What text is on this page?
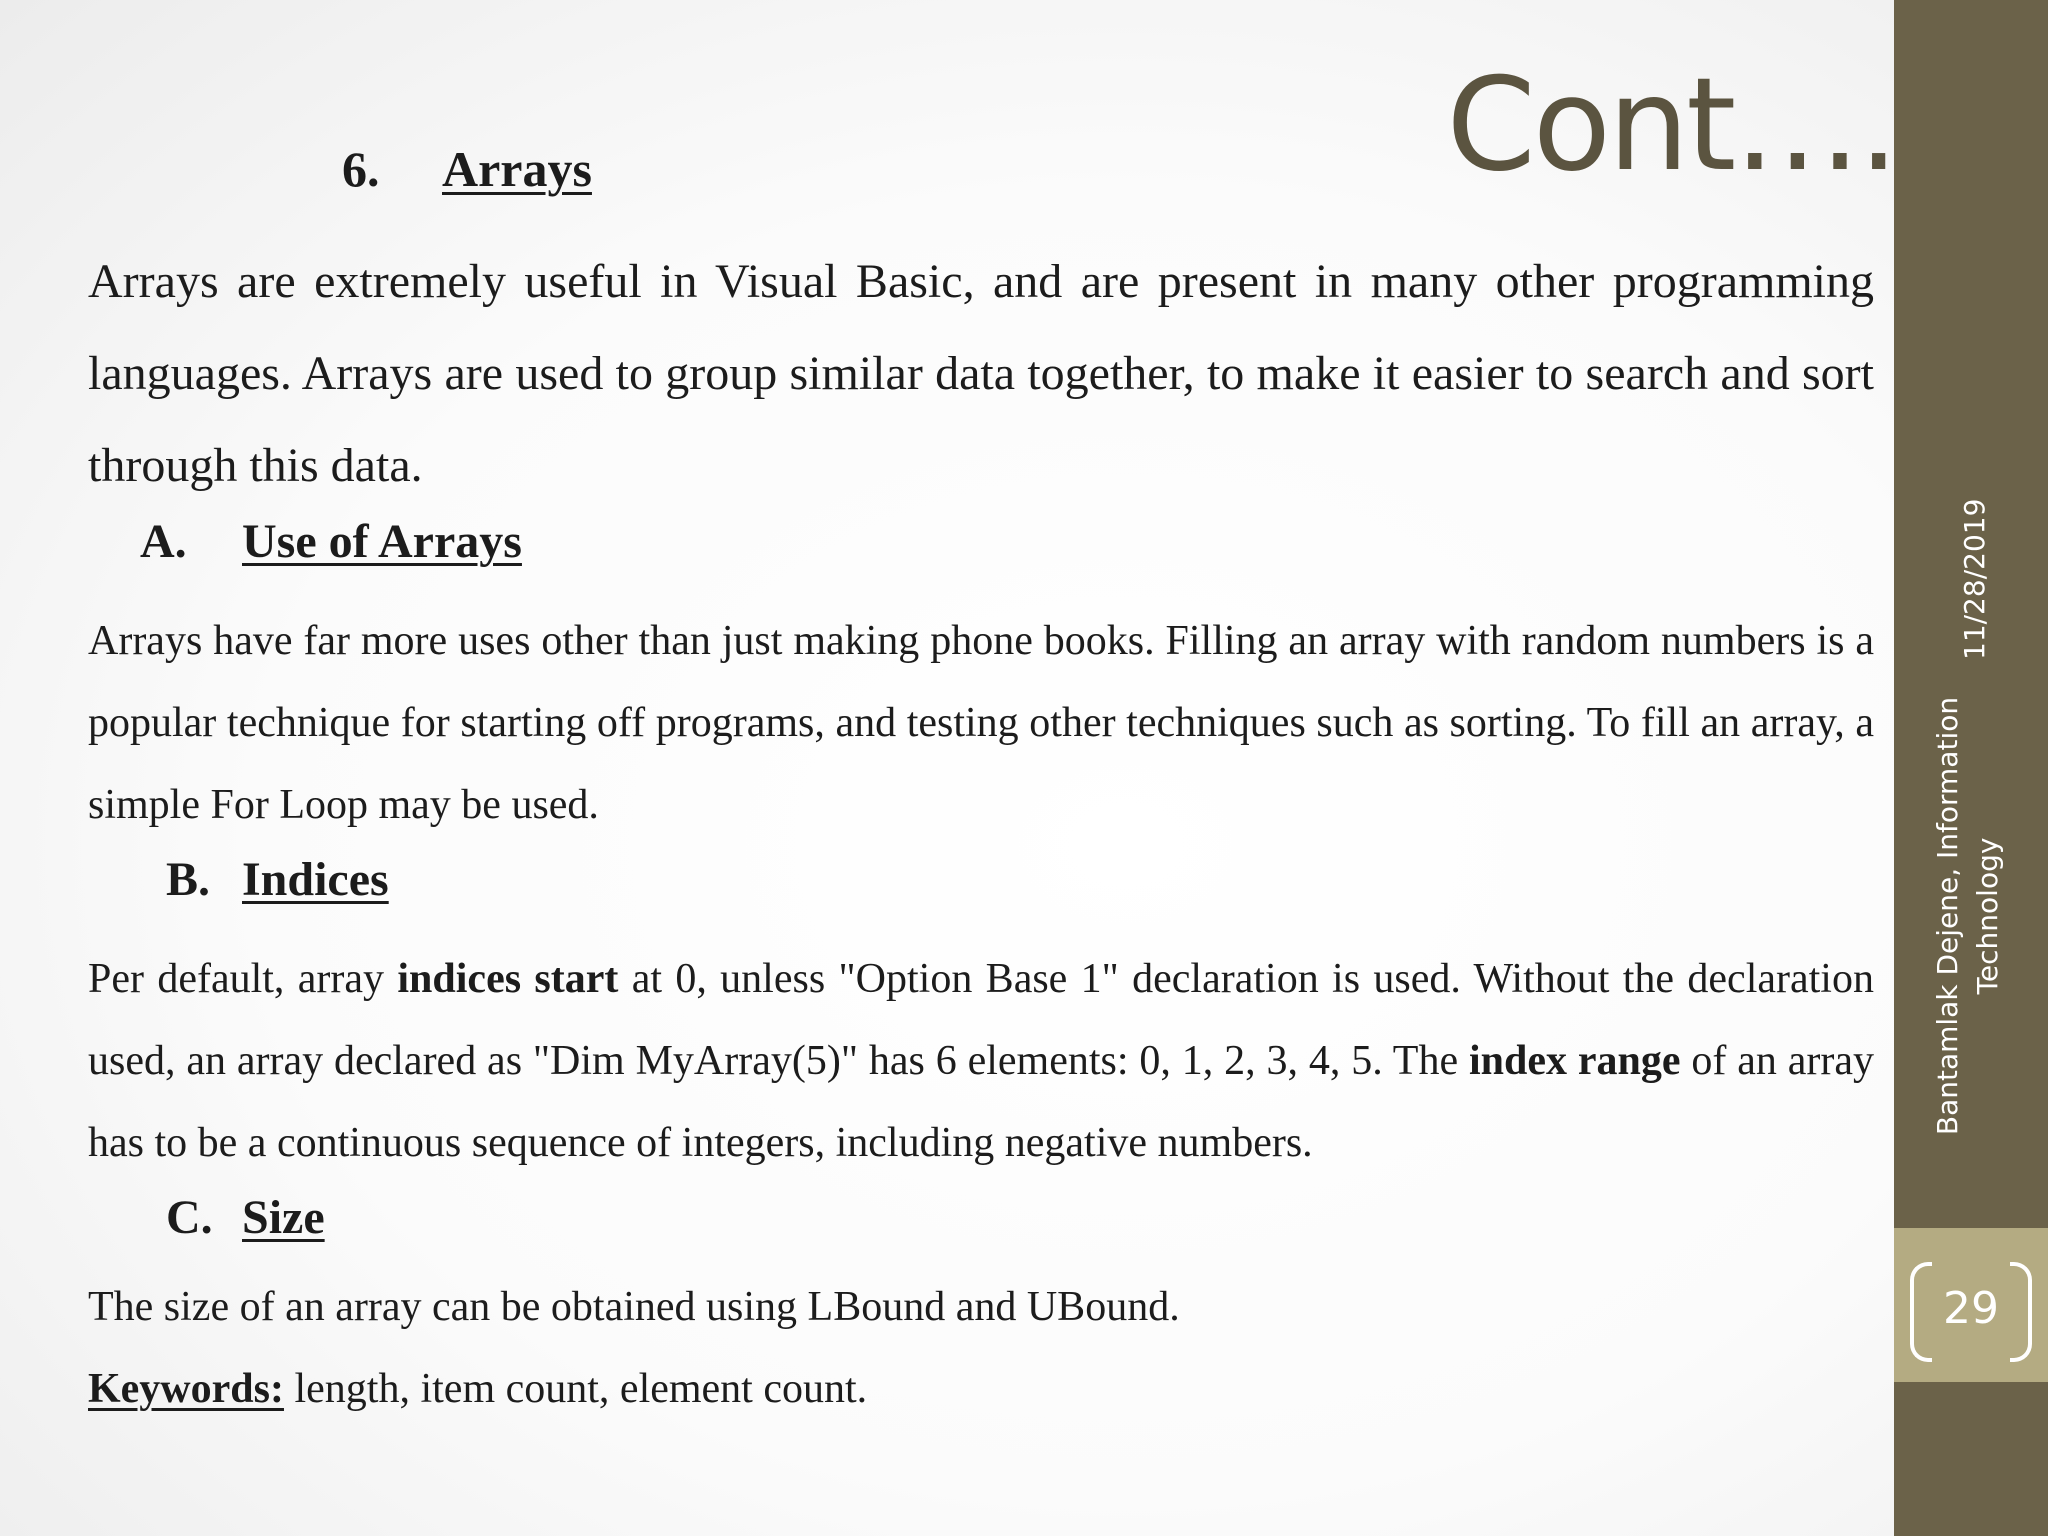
29
11/28/2019
Bantamlak Dejene, Information Technology
Cont….
6. Arrays
Arrays are extremely useful in Visual Basic, and are present in many other programming languages. Arrays are used to group similar data together, to make it easier to search and sort through this data.
A. Use of Arrays
Arrays have far more uses other than just making phone books. Filling an array with random numbers is a popular technique for starting off programs, and testing other techniques such as sorting. To fill an array, a simple For Loop may be used.
B. Indices
Per default, array indices start at 0, unless "Option Base 1" declaration is used. Without the declaration used, an array declared as "Dim MyArray(5)" has 6 elements: 0, 1, 2, 3, 4, 5. The index range of an array has to be a continuous sequence of integers, including negative numbers.
C. Size
The size of an array can be obtained using LBound and UBound.
Keywords: length, item count, element count.
